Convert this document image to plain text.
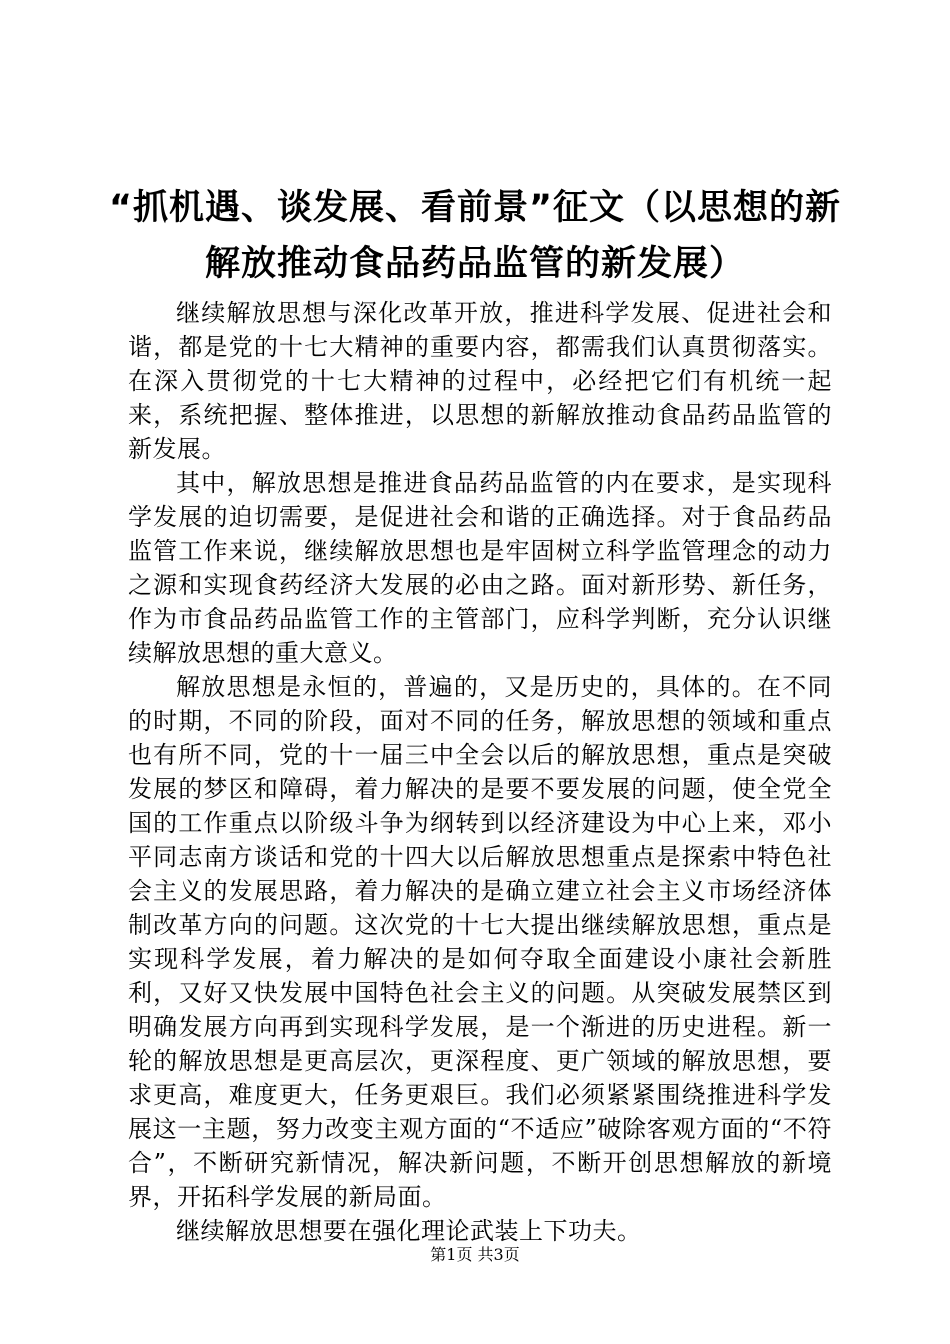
“抓机遇、谈发展、看前景”征文（以思想的新解放推动食品药品监管的新发展）

继续解放思想与深化改革开放，推进科学发展、促进社会和谐，都是党的十七大精神的重要内容，都需我们认真贯彻落实。在深入贯彻党的十七大精神的过程中，必经把它们有机统一起来，系统把握、整体推进，以思想的新解放推动食品药品监管的新发展。

其中，解放思想是推进食品药品监管的内在要求，是实现科学发展的迫切需要，是促进社会和谐的正确选择。对于食品药品监管工作来说，继续解放思想也是牢固树立科学监管理念的动力之源和实现食药经济大发展的必由之路。面对新形势、新任务，作为市食品药品监管工作的主管部门，应科学判断，充分认识继续解放思想的重大意义。

解放思想是永恒的，普遍的，又是历史的，具体的。在不同的时期，不同的阶段，面对不同的任务，解放思想的领域和重点也有所不同，党的十一届三中全会以后的解放思想，重点是突破发展的梦区和障碍，着力解决的是要不要发展的问题，使全党全国的工作重点以阶级斗争为纲转到以经济建设为中心上来，邓小平同志南方谈话和党的十四大以后解放思想重点是探索中特色社会主义的发展思路，着力解决的是确立建立社会主义市场经济体制改革方向的问题。这次党的十七大提出继续解放思想，重点是实现科学发展，着力解决的是如何夺取全面建设小康社会新胜利，又好又快发展中国特色社会主义的问题。从突破发展禁区到明确发展方向再到实现科学发展，是一个渐进的历史进程。新一轮的解放思想是更高层次，更深程度、更广领域的解放思想，要求更高，难度更大，任务更艰巨。我们必须紧紧围绕推进科学发展这一主题，努力改变主观方面的“不适应”破除客观方面的“不符合”，不断研究新情况，解决新问题，不断开创思想解放的新境界，开拓科学发展的新局面。

继续解放思想要在强化理论武装上下功夫。

第1页 共3页
